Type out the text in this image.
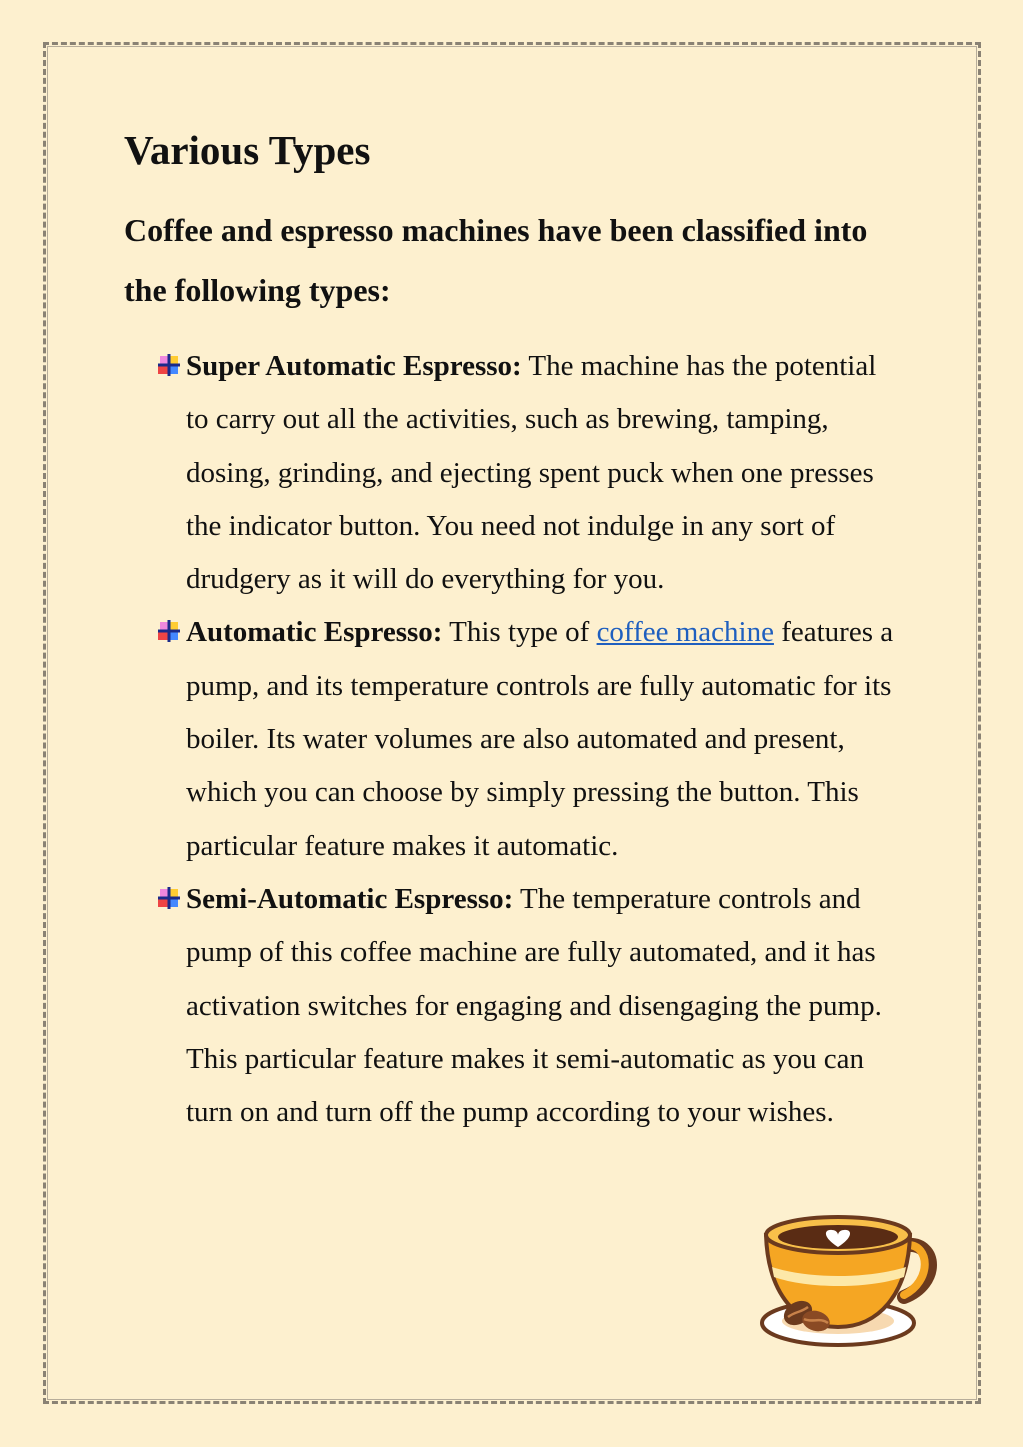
Various Types

Coffee and espresso machines have been classified into the following types:

Super Automatic Espresso: The machine has the potential to carry out all the activities, such as brewing, tamping, dosing, grinding, and ejecting spent puck when one presses the indicator button. You need not indulge in any sort of drudgery as it will do everything for you.
Automatic Espresso: This type of coffee machine features a pump, and its temperature controls are fully automatic for its boiler. Its water volumes are also automated and present, which you can choose by simply pressing the button. This particular feature makes it automatic.
Semi-Automatic Espresso: The temperature controls and pump of this coffee machine are fully automated, and it has activation switches for engaging and disengaging the pump. This particular feature makes it semi-automatic as you can turn on and turn off the pump according to your wishes.
